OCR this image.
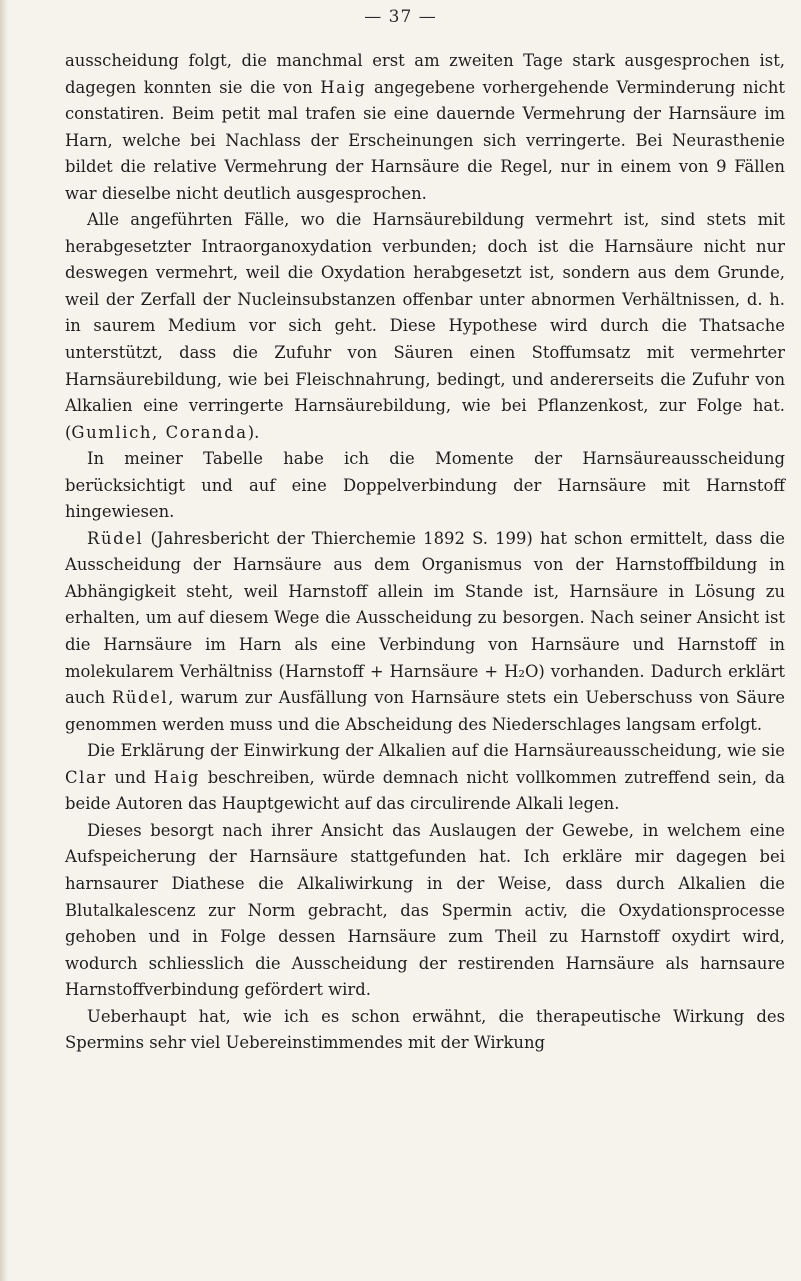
— 37 —

ausscheidung folgt, die manchmal erst am zweiten Tage stark ausgesprochen ist, dagegen konnten sie die von Haig angegebene vorhergehende Verminderung nicht constatiren. Beim petit mal trafen sie eine dauernde Vermehrung der Harnsäure im Harn, welche bei Nachlass der Erscheinungen sich verringerte. Bei Neurasthenie bildet die relative Vermehrung der Harnsäure die Regel, nur in einem von 9 Fällen war dieselbe nicht deutlich ausgesprochen.

Alle angeführten Fälle, wo die Harnsäurebildung vermehrt ist, sind stets mit herabgesetzter Intraorganoxydation verbunden; doch ist die Harnsäure nicht nur deswegen vermehrt, weil die Oxydation herabgesetzt ist, sondern aus dem Grunde, weil der Zerfall der Nucleinsubstanzen offenbar unter abnormen Verhältnissen, d. h. in saurem Medium vor sich geht. Diese Hypothese wird durch die Thatsache unterstützt, dass die Zufuhr von Säuren einen Stoffumsatz mit vermehrter Harnsäurebildung, wie bei Fleischnahrung, bedingt, und andererseits die Zufuhr von Alkalien eine verringerte Harnsäurebildung, wie bei Pflanzenkost, zur Folge hat. (Gumlich, Coranda).

In meiner Tabelle habe ich die Momente der Harnsäureausscheidung berücksichtigt und auf eine Doppelverbindung der Harnsäure mit Harnstoff hingewiesen.

Rüdel (Jahresbericht der Thierchemie 1892 S. 199) hat schon ermittelt, dass die Ausscheidung der Harnsäure aus dem Organismus von der Harnstoffbildung in Abhängigkeit steht, weil Harnstoff allein im Stande ist, Harnsäure in Lösung zu erhalten, um auf diesem Wege die Ausscheidung zu besorgen. Nach seiner Ansicht ist die Harnsäure im Harn als eine Verbindung von Harnsäure und Harnstoff in molekularem Verhältniss (Harnstoff + Harnsäure + H₂O) vorhanden. Dadurch erklärt auch Rüdel, warum zur Ausfällung von Harnsäure stets ein Ueberschuss von Säure genommen werden muss und die Abscheidung des Niederschlages langsam erfolgt.

Die Erklärung der Einwirkung der Alkalien auf die Harnsäureausscheidung, wie sie Clar und Haig beschreiben, würde demnach nicht vollkommen zutreffend sein, da beide Autoren das Hauptgewicht auf das circulirende Alkali legen.

Dieses besorgt nach ihrer Ansicht das Auslaugen der Gewebe, in welchem eine Aufspeicherung der Harnsäure stattgefunden hat. Ich erkläre mir dagegen bei harnsaurer Diathese die Alkaliwirkung in der Weise, dass durch Alkalien die Blutalkalescenz zur Norm gebracht, das Spermin activ, die Oxydationsprocesse gehoben und in Folge dessen Harnsäure zum Theil zu Harnstoff oxydirt wird, wodurch schliesslich die Ausscheidung der restirenden Harnsäure als harnsaure Harnstoffverbindung gefördert wird.

Ueberhaupt hat, wie ich es schon erwähnt, die therapeutische Wirkung des Spermins sehr viel Uebereinstimmendes mit der Wirkung
